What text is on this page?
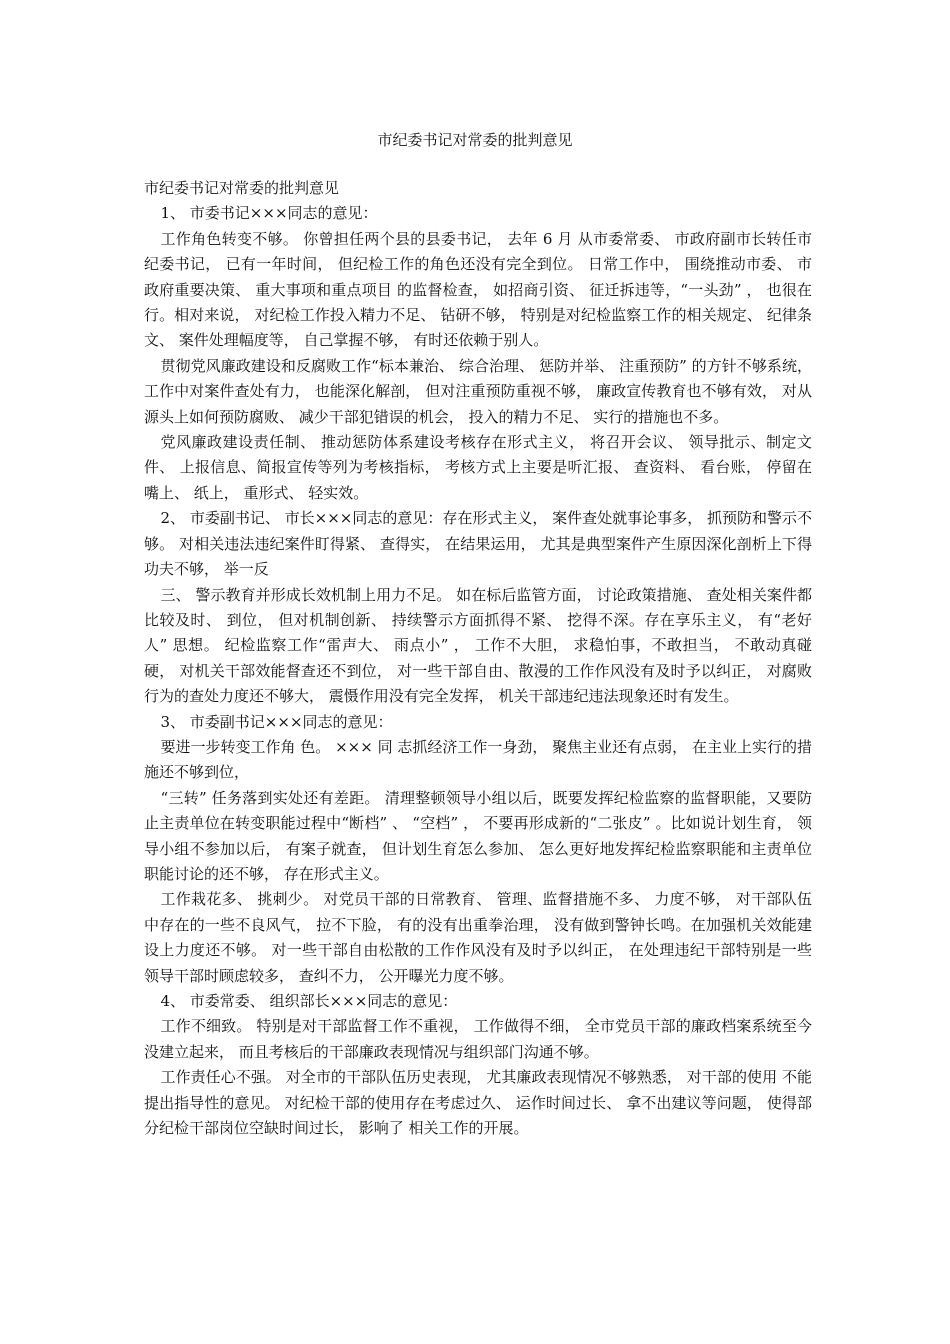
市纪委书记对常委的批判意见

市纪委书记对常委的批判意见

1、 市委书记×××同志的意见：

工作角色转变不够。 你曾担任两个县的县委书记， 去年 6 月 从市委常委、 市政府副市长转任市纪委书记， 已有一年时间， 但纪检工作的角色还没有完全到位。 日常工作中， 围绕推动市委、 市政府重要决策、 重大事项和重点项目 的监督检查， 如招商引资、 征迁拆违等，“一头劲” ， 也很在行。相对来说， 对纪检工作投入精力不足、 钻研不够， 特别是对纪检监察工作的相关规定、 纪律条文、 案件处理幅度等， 自己掌握不够， 有时还依赖于别人。

贯彻党风廉政建设和反腐败工作“标本兼治、 综合治理、 惩防并举、 注重预防” 的方针不够系统， 工作中对案件查处有力， 也能深化解剖， 但对注重预防重视不够， 廉政宣传教育也不够有效， 对从源头上如何预防腐败、 减少干部犯错误的机会， 投入的精力不足、 实行的措施也不多。

党风廉政建设责任制、 推动惩防体系建设考核存在形式主义， 将召开会议、 领导批示、制定文件、 上报信息、简报宣传等列为考核指标， 考核方式上主要是听汇报、 查资料、 看台账， 停留在嘴上、 纸上， 重形式、 轻实效。

2、 市委副书记、 市长×××同志的意见：存在形式主义， 案件查处就事论事多， 抓预防和警示不够。 对相关违法违纪案件盯得紧、 查得实， 在结果运用， 尤其是典型案件产生原因深化剖析上下得功夫不够， 举一反

三、 警示教育并形成长效机制上用力不足。 如在标后监管方面， 讨论政策措施、 查处相关案件都比较及时、 到位， 但对机制创新、 持续警示方面抓得不紧、 挖得不深。存在享乐主义， 有“老好人” 思想。 纪检监察工作“雷声大、 雨点小” ， 工作不大胆， 求稳怕事，不敢担当， 不敢动真碰硬， 对机关干部效能督查还不到位， 对一些干部自由、散漫的工作作风没有及时予以纠正， 对腐败行为的查处力度还不够大， 震慑作用没有完全发挥， 机关干部违纪违法现象还时有发生。

3、 市委副书记×××同志的意见：

要进一步转变工作角 色。 ××× 同 志抓经济工作一身劲， 聚焦主业还有点弱， 在主业上实行的措施还不够到位，

“三转” 任务落到实处还有差距。 清理整顿领导小组以后，既要发挥纪检监察的监督职能，又要防止主责单位在转变职能过程中“断档” 、 “空档” ， 不要再形成新的“二张皮” 。比如说计划生育， 领导小组不参加以后， 有案子就查， 但计划生育怎么参加、 怎么更好地发挥纪检监察职能和主责单位职能讨论的还不够， 存在形式主义。

工作栽花多、 挑刺少。 对党员干部的日常教育、 管理、监督措施不多、 力度不够， 对干部队伍中存在的一些不良风气， 拉不下脸， 有的没有出重拳治理， 没有做到警钟长鸣。在加强机关效能建设上力度还不够。 对一些干部自由松散的工作作风没有及时予以纠正， 在处理违纪干部特别是一些领导干部时顾虑较多， 查纠不力， 公开曝光力度不够。

4、 市委常委、 组织部长×××同志的意见：

工作不细致。 特别是对干部监督工作不重视， 工作做得不细， 全市党员干部的廉政档案系统至今没建立起来， 而且考核后的干部廉政表现情况与组织部门沟通不够。

工作责任心不强。 对全市的干部队伍历史表现， 尤其廉政表现情况不够熟悉， 对干部的使用 不能提出指导性的意见。 对纪检干部的使用存在考虑过久、 运作时间过长、 拿不出建议等问题， 使得部分纪检干部岗位空缺时间过长， 影响了 相关工作的开展。
